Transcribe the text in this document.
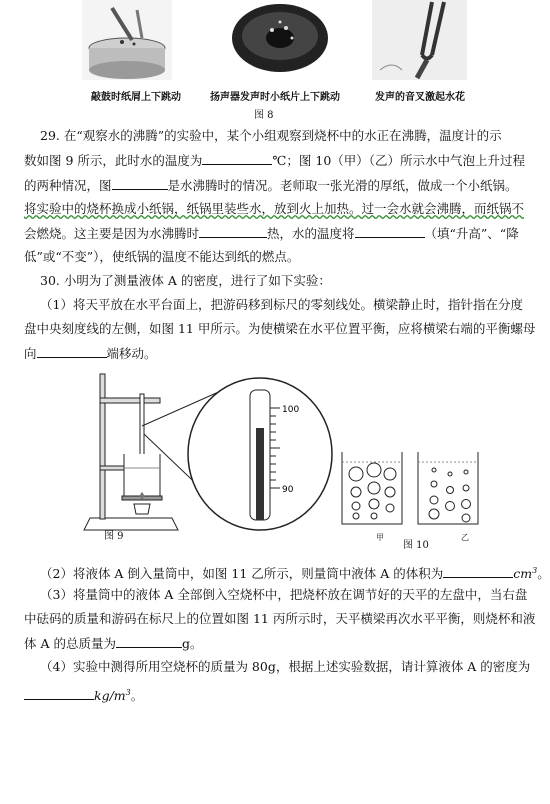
敲鼓时纸屑上下跳动	扬声器发声时小纸片上下跳动	发声的音叉激起水花
图 8
29. 在“观察水的沸腾”的实验中，某个小组观察到烧杯中的水正在沸腾，温度计的示
数如图 9 所示，此时水的温度为	℃；图 10（甲）（乙）所示水中气泡上升过程
的两种情况，图	是水沸腾时的情况。老师取一张光滑的厚纸，做成一个小纸锅。
将实验中的烧杯换成小纸锅，纸锅里装些水，放到火上加热。过一会水就会沸腾，而纸锅不
会燃烧。这主要是因为水沸腾时	热，水的温度将	（填“升高”、“降
低”或“不变”），使纸锅的温度不能达到纸的燃点。
30. 小明为了测量液体 A 的密度，进行了如下实验：
（1）将天平放在水平台面上，把游码移到标尺的零刻线处。横梁静止时，指针指在分度
盘中央刻度线的左侧，如图 11 甲所示。为使横梁在水平位置平衡，应将横梁右端的平衡螺母
向	端移动。
100
90
图 9	甲	乙
图 10
（2）将液体 A 倒入量筒中，如图 11 乙所示，则量筒中液体 A 的体积为	$cm^3$。
（3）将量筒中的液体 A 全部倒入空烧杯中，把烧杯放在调节好的天平的左盘中，当右盘
中砝码的质量和游码在标尺上的位置如图 11 丙所示时，天平横梁再次水平平衡，则烧杯和液
体 A 的总质量为	g。
（4）实验中测得所用空烧杯的质量为 80g，根据上述实验数据，请计算液体 A 的密度为
$kg/m^3$。
